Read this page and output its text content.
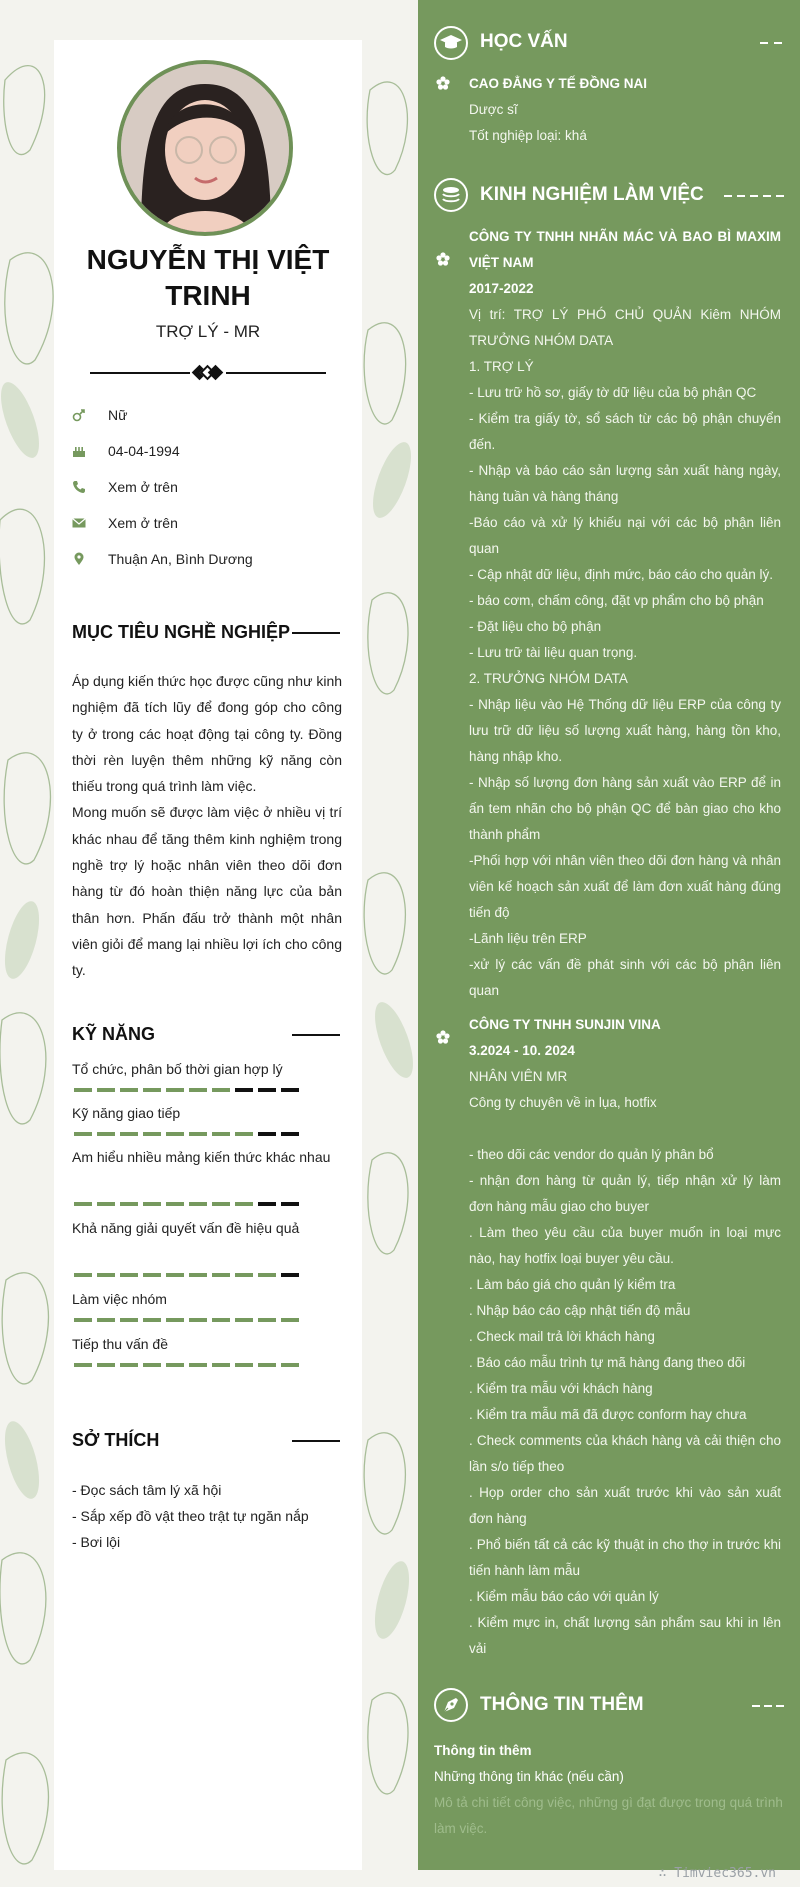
NGUYỄN THỊ VIỆT TRINH
TRỢ LÝ - MR
Nữ
04-04-1994
Xem ở trên
Xem ở trên
Thuận An, Bình Dương
MỤC TIÊU NGHỀ NGHIỆP

Áp dụng kiến thức học được cũng như kinh nghiệm đã tích lũy để đong góp cho công ty ở trong các hoạt động tại công ty. Đồng thời rèn luyện thêm những kỹ năng còn thiếu trong quá trình làm việc.

Mong muốn sẽ được làm việc ở nhiều vị trí khác nhau để tăng thêm kinh nghiệm trong nghề trợ lý hoặc nhân viên theo dõi đơn hàng từ đó hoàn thiện năng lực của bản thân hơn. Phấn đấu trở thành một nhân viên giỏi để mang lại nhiều lợi ích cho công ty.

KỸ NĂNG
Tổ chức, phân bố thời gian hợp lý
Kỹ năng giao tiếp
Am hiểu nhiều mảng kiến thức khác nhau
Khả năng giải quyết vấn đề hiệu quả
Làm việc nhóm
Tiếp thu vấn đề
SỞ THÍCH
- Đọc sách tâm lý xã hội
- Sắp xếp đồ vật theo trật tự ngăn nắp
- Bơi lội
HỌC VẤN
CAO ĐẲNG Y TẾ ĐỒNG NAI
Dược sĩ
Tốt nghiệp loại: khá
KINH NGHIỆM LÀM VIỆC
CÔNG TY TNHH NHÃN MÁC VÀ BAO BÌ MAXIM VIỆT NAM
2017-2022
Vị trí: TRỢ LÝ PHÓ CHỦ QUẢN Kiêm NHÓM TRƯỞNG NHÓM DATA
1. TRỢ LÝ
- Lưu trữ hồ sơ, giấy tờ dữ liệu của bộ phận QC
- Kiểm tra giấy tờ, sổ sách từ các bộ phận chuyển đến.
- Nhập và báo cáo sản lượng sản xuất hàng ngày, hàng tuần và hàng tháng
-Báo cáo và xử lý khiếu nại với các bộ phận liên quan
- Cập nhật dữ liệu, định mức, báo cáo cho quản lý.
- báo cơm, chấm công, đặt vp phẩm cho bộ phận
- Đặt liệu cho bộ phận
- Lưu trữ tài liệu quan trọng.
2. TRƯỞNG NHÓM DATA
- Nhập liệu vào Hệ Thống dữ liệu ERP của công ty lưu trữ dữ liệu số lượng xuất hàng, hàng tồn kho, hàng nhập kho.
- Nhập số lượng đơn hàng sản xuất vào ERP để in ấn tem nhãn cho bộ phận QC để bàn giao cho kho thành phẩm
-Phối hợp với nhân viên theo dõi đơn hàng và nhân viên kế hoạch sản xuất để làm đơn xuất hàng đúng tiến độ
-Lãnh liệu trên ERP
-xử lý các vấn đề phát sinh với các bộ phận liên quan
CÔNG TY TNHH SUNJIN VINA
3.2024 - 10. 2024
NHÂN VIÊN MR
Công ty chuyên về in lụa, hotfix
- theo dõi các vendor do quản lý phân bổ
- nhận đơn hàng từ quản lý, tiếp nhận xử lý làm đơn hàng mẫu giao cho buyer
. Làm theo yêu cầu của buyer muốn in loại mực nào, hay hotfix loại buyer yêu cầu.
. Làm báo giá cho quản lý kiểm tra
. Nhập báo cáo cập nhật tiến độ mẫu
. Check mail trả lời khách hàng
. Báo cáo mẫu trình tự mã hàng đang theo dõi
. Kiểm tra mẫu với khách hàng
. Kiểm tra mẫu mã đã được conform hay chưa
. Check comments của khách hàng và cải thiện cho lần s/o tiếp theo
. Họp order cho sản xuất trước khi vào sản xuất đơn hàng
. Phổ biến tất cả các kỹ thuật in cho thợ in trước khi tiến hành làm mẫu
. Kiểm mẫu báo cáo với quản lý
. Kiểm mực in, chất lượng sản phẩm sau khi in lên vải
THÔNG TIN THÊM
Thông tin thêm
Những thông tin khác (nếu cần)
Mô tả chi tiết công việc, những gì đạt được trong quá trình làm việc.
∴ Timviec365.vn
